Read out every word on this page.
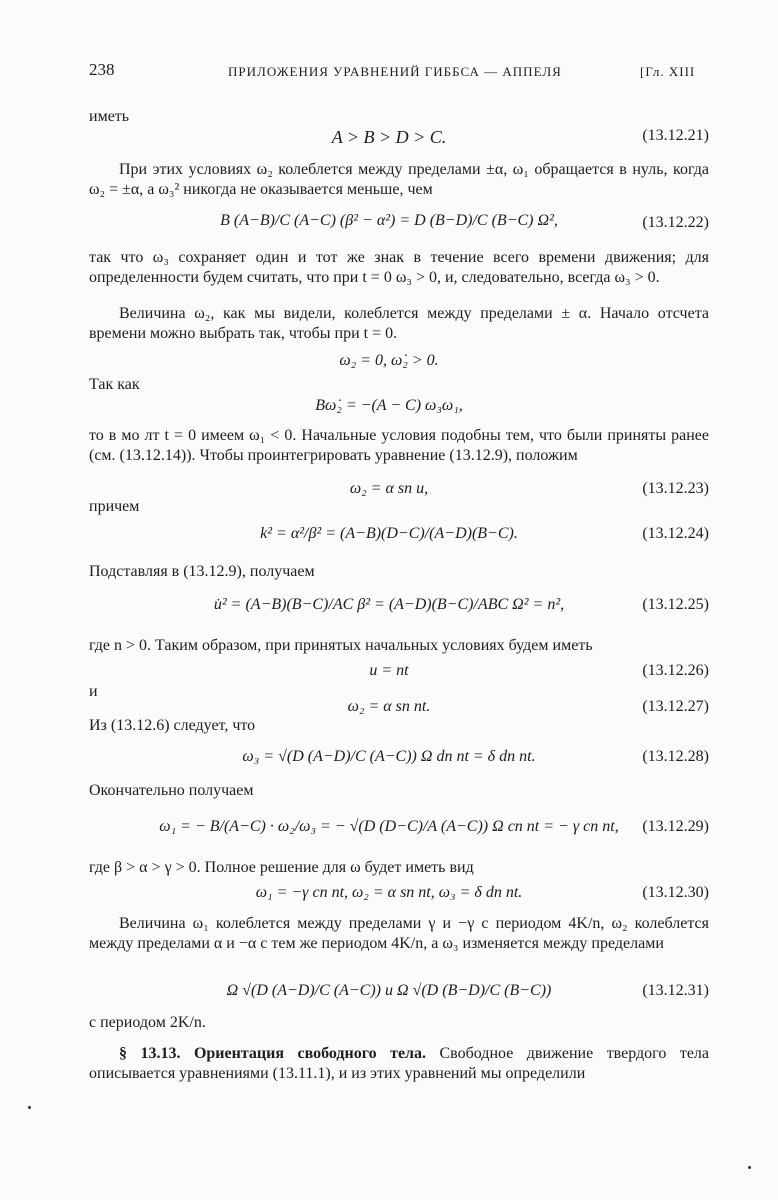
238	ПРИЛОЖЕНИЯ УРАВНЕНИЙ ГИББСА — АППЕЛЯ	[Гл. XIII
иметь
A > B > D > C.	(13.12.21)
При этих условиях ω₂ колеблется между пределами ±α, ω₁ обращается в нуль, когда ω₂ = ±α, а ω₃² никогда не оказывается меньше, чем
B (A−B)/C (A−C) (β² − α²) = D (B−D)/C (B−C) Ω²,	(13.12.22)
так что ω₃ сохраняет один и тот же знак в течение всего времени движения; для определенности будем считать, что при t = 0 ω₃ > 0, и, следовательно, всегда ω₃ > 0.
Величина ω₂, как мы видели, колеблется между пределами ± α. Начало отсчета времени можно выбрать так, чтобы при t = 0.
ω₂ = 0, ω̇₂ > 0.
Так как
Bω̇₂ = −(A − C) ω₃ω₁,
то в мо лт t = 0 имеем ω₁ < 0. Начальные условия подобны тем, что были приняты ранее (см. (13.12.14)). Чтобы проинтегрировать уравнение (13.12.9), положим
ω₂ = α sn u,	(13.12.23)
причем
k² = α²/β² = (A−B)(D−C)/(A−D)(B−C).	(13.12.24)
Подставляя в (13.12.9), получаем
u̇² = (A−B)(B−C)/AC β² = (A−D)(B−C)/ABC Ω² = n²,	(13.12.25)
где n > 0. Таким образом, при принятых начальных условиях будем иметь
u = nt	(13.12.26)
и
ω₂ = α sn nt.	(13.12.27)
Из (13.12.6) следует, что
ω₃ = √(D (A−D)/C (A−C)) Ω dn nt = δ dn nt.	(13.12.28)
Окончательно получаем
ω₁ = − B/(A−C) · ω₂/ω₃ = − √(D (D−C)/A (A−C)) Ω cn nt = − γ cn nt,	(13.12.29)
где β > α > γ > 0. Полное решение для ω будет иметь вид
ω₁ = −γ cn nt, ω₂ = α sn nt, ω₃ = δ dn nt.	(13.12.30)
Величина ω₁ колеблется между пределами γ и −γ с периодом 4K/n, ω₂ колеблется между пределами α и −α с тем же периодом 4K/n, а ω₃ изменяется между пределами
Ω √(D (A−D)/C (A−C)) и Ω √(D (B−D)/C (B−C))	(13.12.31)
с периодом 2K/n.
§ 13.13. Ориентация свободного тела. Свободное движение твердого тела описывается уравнениями (13.11.1), и из этих уравнений мы определили
